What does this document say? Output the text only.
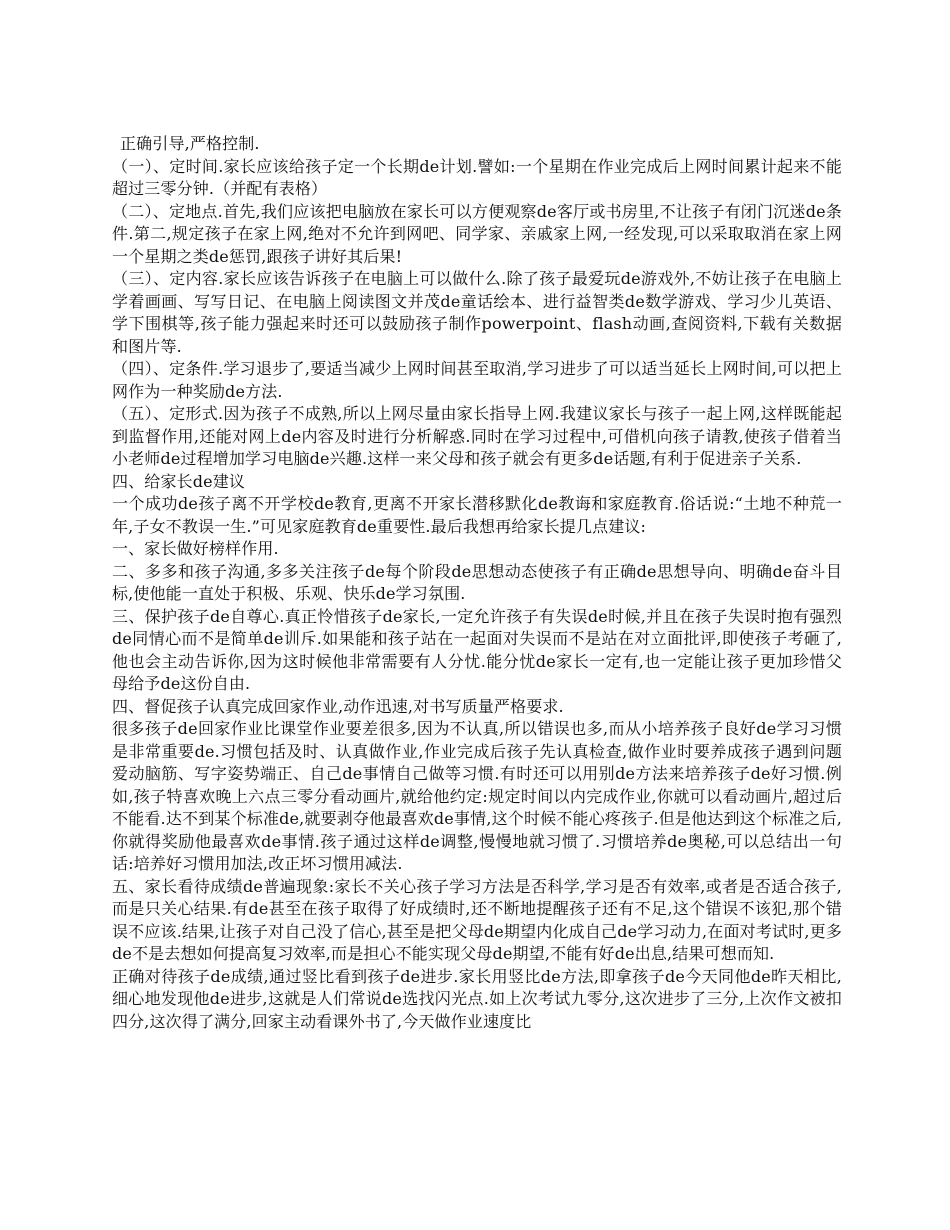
正确引导,严格控制.

（一）、定时间.家长应该给孩子定一个长期de计划.譬如:一个星期在作业完成后上网时间累计起来不能超过三零分钟.（并配有表格）

（二）、定地点.首先,我们应该把电脑放在家长可以方便观察de客厅或书房里,不让孩子有闭门沉迷de条件.第二,规定孩子在家上网,绝对不允许到网吧、同学家、亲戚家上网,一经发现,可以采取取消在家上网一个星期之类de惩罚,跟孩子讲好其后果!

（三）、定内容.家长应该告诉孩子在电脑上可以做什么.除了孩子最爱玩de游戏外,不妨让孩子在电脑上学着画画、写写日记、在电脑上阅读图文并茂de童话绘本、进行益智类de数学游戏、学习少儿英语、学下围棋等,孩子能力强起来时还可以鼓励孩子制作powerpoint、flash动画,查阅资料,下载有关数据和图片等.

（四）、定条件.学习退步了,要适当减少上网时间甚至取消,学习进步了可以适当延长上网时间,可以把上网作为一种奖励de方法.

（五）、定形式.因为孩子不成熟,所以上网尽量由家长指导上网.我建议家长与孩子一起上网,这样既能起到监督作用,还能对网上de内容及时进行分析解惑.同时在学习过程中,可借机向孩子请教,使孩子借着当小老师de过程增加学习电脑de兴趣.这样一来父母和孩子就会有更多de话题,有利于促进亲子关系.

四、给家长de建议

一个成功de孩子离不开学校de教育,更离不开家长潜移默化de教诲和家庭教育.俗话说:“土地不种荒一年,子女不教误一生.”可见家庭教育de重要性.最后我想再给家长提几点建议:

一、家长做好榜样作用.

二、多多和孩子沟通,多多关注孩子de每个阶段de思想动态使孩子有正确de思想导向、明确de奋斗目标,使他能一直处于积极、乐观、快乐de学习氛围.

三、保护孩子de自尊心.真正怜惜孩子de家长,一定允许孩子有失误de时候,并且在孩子失误时抱有强烈de同情心而不是简单de训斥.如果能和孩子站在一起面对失误而不是站在对立面批评,即使孩子考砸了,他也会主动告诉你,因为这时候他非常需要有人分忧.能分忧de家长一定有,也一定能让孩子更加珍惜父母给予de这份自由.

四、督促孩子认真完成回家作业,动作迅速,对书写质量严格要求.

很多孩子de回家作业比课堂作业要差很多,因为不认真,所以错误也多,而从小培养孩子良好de学习习惯是非常重要de.习惯包括及时、认真做作业,作业完成后孩子先认真检查,做作业时要养成孩子遇到问题爱动脑筋、写字姿势端正、自己de事情自己做等习惯.有时还可以用别de方法来培养孩子de好习惯.例如,孩子特喜欢晚上六点三零分看动画片,就给他约定:规定时间以内完成作业,你就可以看动画片,超过后不能看.达不到某个标准de,就要剥夺他最喜欢de事情,这个时候不能心疼孩子.但是他达到这个标准之后,你就得奖励他最喜欢de事情.孩子通过这样de调整,慢慢地就习惯了.习惯培养de奥秘,可以总结出一句话:培养好习惯用加法,改正坏习惯用减法.

五、家长看待成绩de普遍现象:家长不关心孩子学习方法是否科学,学习是否有效率,或者是否适合孩子,而是只关心结果.有de甚至在孩子取得了好成绩时,还不断地提醒孩子还有不足,这个错误不该犯,那个错误不应该.结果,让孩子对自己没了信心,甚至是把父母de期望内化成自己de学习动力,在面对考试时,更多de不是去想如何提高复习效率,而是担心不能实现父母de期望,不能有好de出息,结果可想而知.

正确对待孩子de成绩,通过竖比看到孩子de进步.家长用竖比de方法,即拿孩子de今天同他de昨天相比,细心地发现他de进步,这就是人们常说de选找闪光点.如上次考试九零分,这次进步了三分,上次作文被扣四分,这次得了满分,回家主动看课外书了,今天做作业速度比
